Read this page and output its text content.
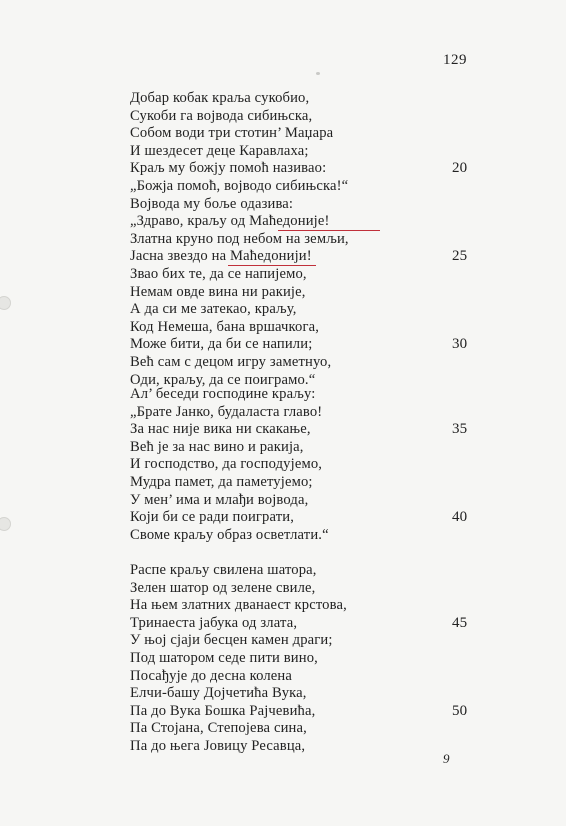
129
Добар кобак краља сукобио,
Сукоби га војвода сибињска,
Собом води три стотин’ Маџара
И шездесет деце Каравлаха;
Краљ му божју помоћ називао:	20
„Божја помоћ, војводо сибињска!“
Војвода му боље одазива:
„Здраво, краљу од Маћедоније!
Златна круно под небом на земљи,
Јасна звездо на Маћедонији!	25
Звао бих те, да се напијемо,
Немам овде вина ни ракије,
А да си ме затекао, краљу,
Код Немеша, бана вршачкога,
Може бити, да би се напили;	30
Већ сам с децом игру заметнуо,
Оди, краљу, да се поиграмо.“
Ал’ беседи господине краљу:
„Брате Јанко, будаласта главо!
За нас није вика ни скакање,	35
Већ је за нас вино и ракија,
И господство, да господујемо,
Мудра памет, да паметујемо;
У мен’ има и млађи војвода,
Који би се ради поиграти,	40
Своме краљу образ осветлати.“
Распе краљу свилена шатора,
Зелен шатор од зелене свиле,
На њем златних дванаест крстова,
Тринаеста јабука од злата,	45
У њој сјаји бесцен камен драги;
Под шатором седе пити вино,
Посађује до десна колена
Елчи-башу Дојчетића Вука,
Па до Вука Бошка Рајчевића,	50
Па Стојана, Степојева сина,
Па до њега Јовицу Ресавца,
9
